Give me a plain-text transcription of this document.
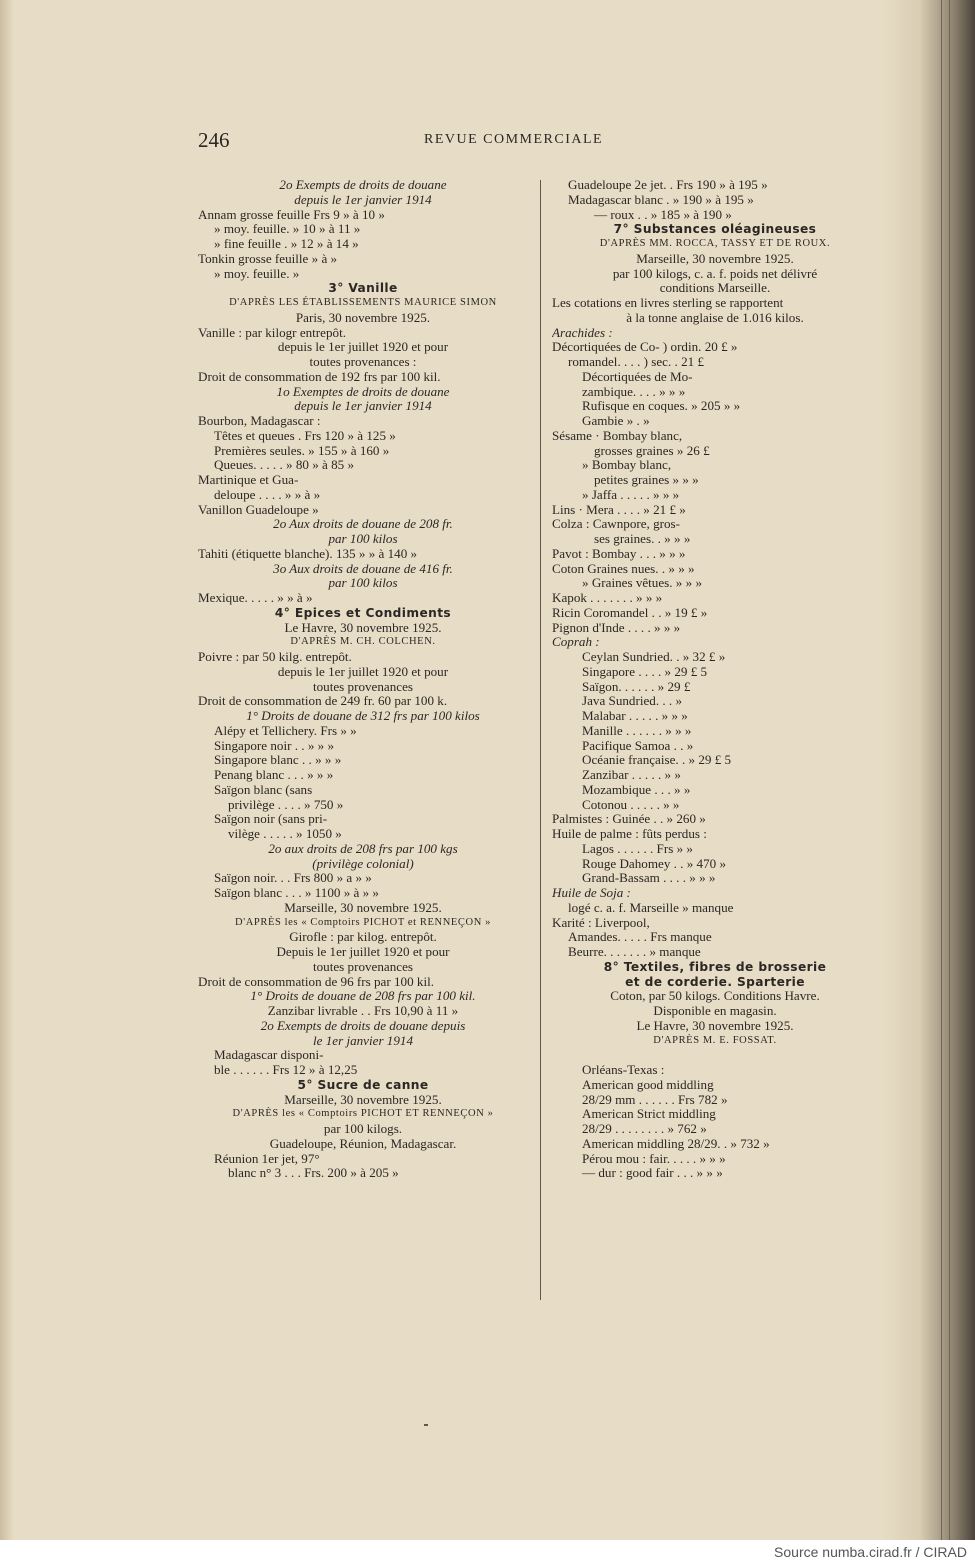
246	REVUE COMMERCIALE
2o Exempts de droits de douane
depuis le 1er janvier 1914
Annam grosse feuille Frs 9 » à 10 »
» moy. feuille. » 10 » à 11 »
» fine feuille . » 12 » à 14 »
Tonkin grosse feuille » à »
» moy. feuille. »
3° Vanille
D'APRÈS LES ÉTABLISSEMENTS MAURICE SIMON
Paris, 30 novembre 1925.
Vanille : par kilogr entrepôt.
depuis le 1er juillet 1920 et pour
toutes provenances :
Droit de consommation de 192 frs par 100 kil.
1o Exemptes de droits de douane
depuis le 1er janvier 1914
Bourbon, Madagascar :
Têtes et queues . Frs 120 » à 125 »
Premières seules. » 155 » à 160 »
Queues. . . . . » 80 » à 85 »
Martinique et Gua-
deloupe . . . . » » à »
Vanillon Guadeloupe »
2o Aux droits de douane de 208 fr.
par 100 kilos
Tahiti (étiquette blanche). 135 » » à 140 »
3o Aux droits de douane de 416 fr.
par 100 kilos
Mexique. . . . . » » à »
4° Epices et Condiments
Le Havre, 30 novembre 1925.
D'APRÈS M. CH. COLCHEN.
Poivre : par 50 kilg. entrepôt.
depuis le 1er juillet 1920 et pour
toutes provenances
Droit de consommation de 249 fr. 60 par 100 k.
1° Droits de douane de 312 frs par 100 kilos
Alépy et Tellichery. Frs » »
Singapore noir . . » » »
Singapore blanc . . » » »
Penang blanc . . . » » »
Saïgon blanc (sans
privilège . . . . » 750 »
Saïgon noir (sans pri-
vilège . . . . . » 1050 »
2o aux droits de 208 frs par 100 kgs
(privilège colonial)
Saïgon noir. . . Frs 800 » a » »
Saïgon blanc . . . » 1100 » à » »
Marseille, 30 novembre 1925.
D'APRÈS les « Comptoirs PICHOT et RENNEÇON »
Girofle : par kilog. entrepôt.
Depuis le 1er juillet 1920 et pour
toutes provenances
Droit de consommation de 96 frs par 100 kil.
1° Droits de douane de 208 frs par 100 kil.
Zanzibar livrable . . Frs 10,90 à 11 »
2o Exempts de droits de douane depuis
le 1er janvier 1914
Madagascar disponi-
ble . . . . . . Frs 12 » à 12,25
5° Sucre de canne
Marseille, 30 novembre 1925.
D'APRÈS les « Comptoirs PICHOT ET RENNEÇON »
par 100 kilogs.
Guadeloupe, Réunion, Madagascar.
Réunion 1er jet, 97°
blanc n° 3 . . . Frs. 200 » à 205 »
Guadeloupe 2e jet. . Frs 190 » à 195 »
Madagascar blanc . » 190 » à 195 »
— roux . . » 185 » à 190 »
7° Substances oléagineuses
D'APRÈS MM. ROCCA, TASSY ET DE ROUX.
Marseille, 30 novembre 1925.
par 100 kilogs, c. a. f. poids net délivré
conditions Marseille.
Les cotations en livres sterling se rapportent
à la tonne anglaise de 1.016 kilos.
Arachides :
Décortiquées de Co- ) ordin. 20 £ »
romandel. . . . ) sec. . 21 £
Décortiquées de Mo-
zambique. . . . » » »
Rufisque en coques. » 205 » »
Gambie » . »
Sésame · Bombay blanc,
grosses graines » 26 £
» Bombay blanc,
petites graines » » »
» Jaffa . . . . . » » »
Lins · Mera . . . . » 21 £ »
Colza : Cawnpore, gros-
ses graines. . » » »
Pavot : Bombay . . . » » »
Coton Graines nues. . » » »
» Graines vêtues. » » »
Kapok . . . . . . . » » »
Ricin Coromandel . . » 19 £ »
Pignon d'Inde . . . . » » »
Coprah :
Ceylan Sundried. . » 32 £ »
Singapore . . . . » 29 £ 5
Saïgon. . . . . . » 29 £
Java Sundried. . . »
Malabar . . . . . » » »
Manille . . . . . . » » »
Pacifique Samoa . . »
Océanie française. . » 29 £ 5
Zanzibar . . . . . » »
Mozambique . . . » »
Cotonou . . . . . » »
Palmistes : Guinée . . » 260 »
Huile de palme : fûts perdus :
Lagos . . . . . . Frs » »
Rouge Dahomey . . » 470 »
Grand-Bassam . . . . » » »
Huile de Soja :
logé c. a. f. Marseille » manque
Karité : Liverpool,
Amandes. . . . . Frs manque
Beurre. . . . . . . » manque
8° Textiles, fibres de brosserie
et de corderie. Sparterie
Coton, par 50 kilogs. Conditions Havre.
Disponible en magasin.
Le Havre, 30 novembre 1925.
D'APRÈS M. E. FOSSAT.
Orléans-Texas :
American good middling
28/29 mm . . . . . . Frs 782 »
American Strict middling
28/29 . . . . . . . . » 762 »
American middling 28/29. . » 732 »
Pérou mou : fair. . . . . » » »
— dur : good fair . . . » » »
Source numba.cirad.fr / CIRAD
